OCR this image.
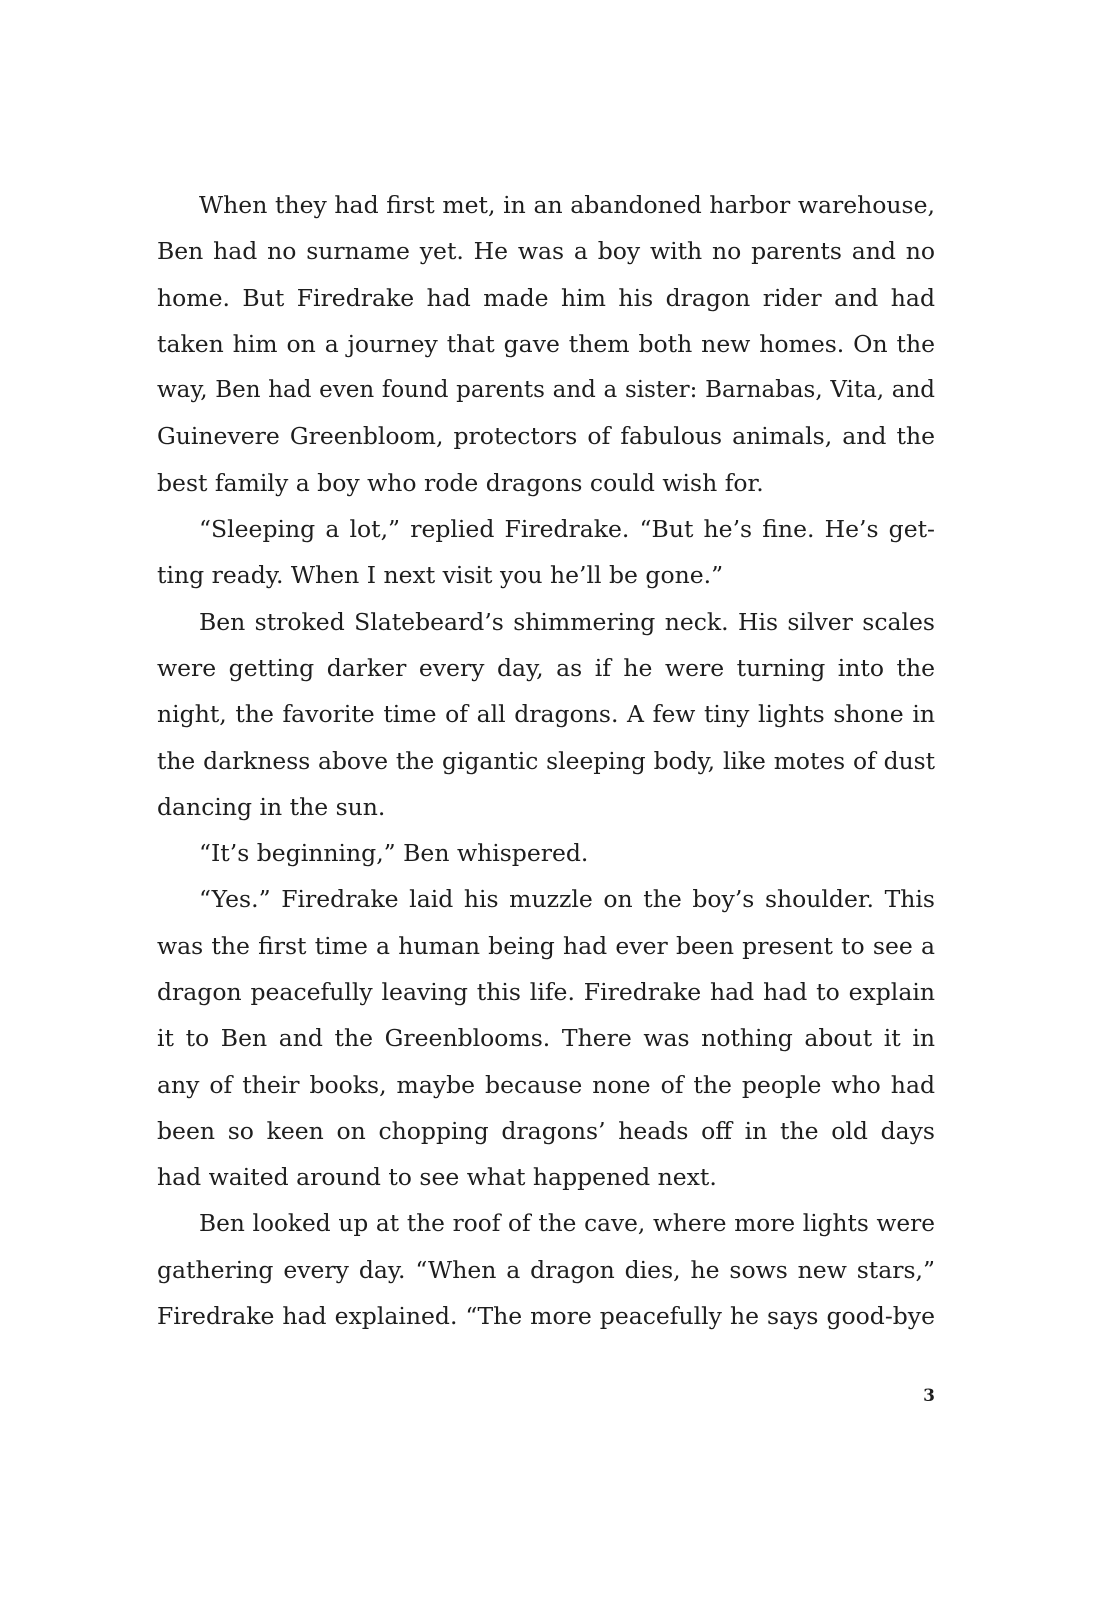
When they had first met, in an abandoned harbor warehouse,
Ben had no surname yet. He was a boy with no parents and no
home. But Firedrake had made him his dragon rider and had
taken him on a journey that gave them both new homes. On the
way, Ben had even found parents and a sister: Barnabas, Vita, and
Guinevere Greenbloom, protectors of fabulous animals, and the
best family a boy who rode dragons could wish for.
“Sleeping a lot,” replied Firedrake. “But he’s fine. He’s get-
ting ready. When I next visit you he’ll be gone.”
Ben stroked Slatebeard’s shimmering neck. His silver scales
were getting darker every day, as if he were turning into the
night, the favorite time of all dragons. A few tiny lights shone in
the darkness above the gigantic sleeping body, like motes of dust
dancing in the sun.
“It’s beginning,” Ben whispered.
“Yes.” Firedrake laid his muzzle on the boy’s shoulder. This
was the first time a human being had ever been present to see a
dragon peacefully leaving this life. Firedrake had had to explain
it to Ben and the Greenblooms. There was nothing about it in
any of their books, maybe because none of the people who had
been so keen on chopping dragons’ heads off in the old days
had waited around to see what happened next.
Ben looked up at the roof of the cave, where more lights were
gathering every day. “When a dragon dies, he sows new stars,”
Firedrake had explained. “The more peacefully he says good-bye
3
